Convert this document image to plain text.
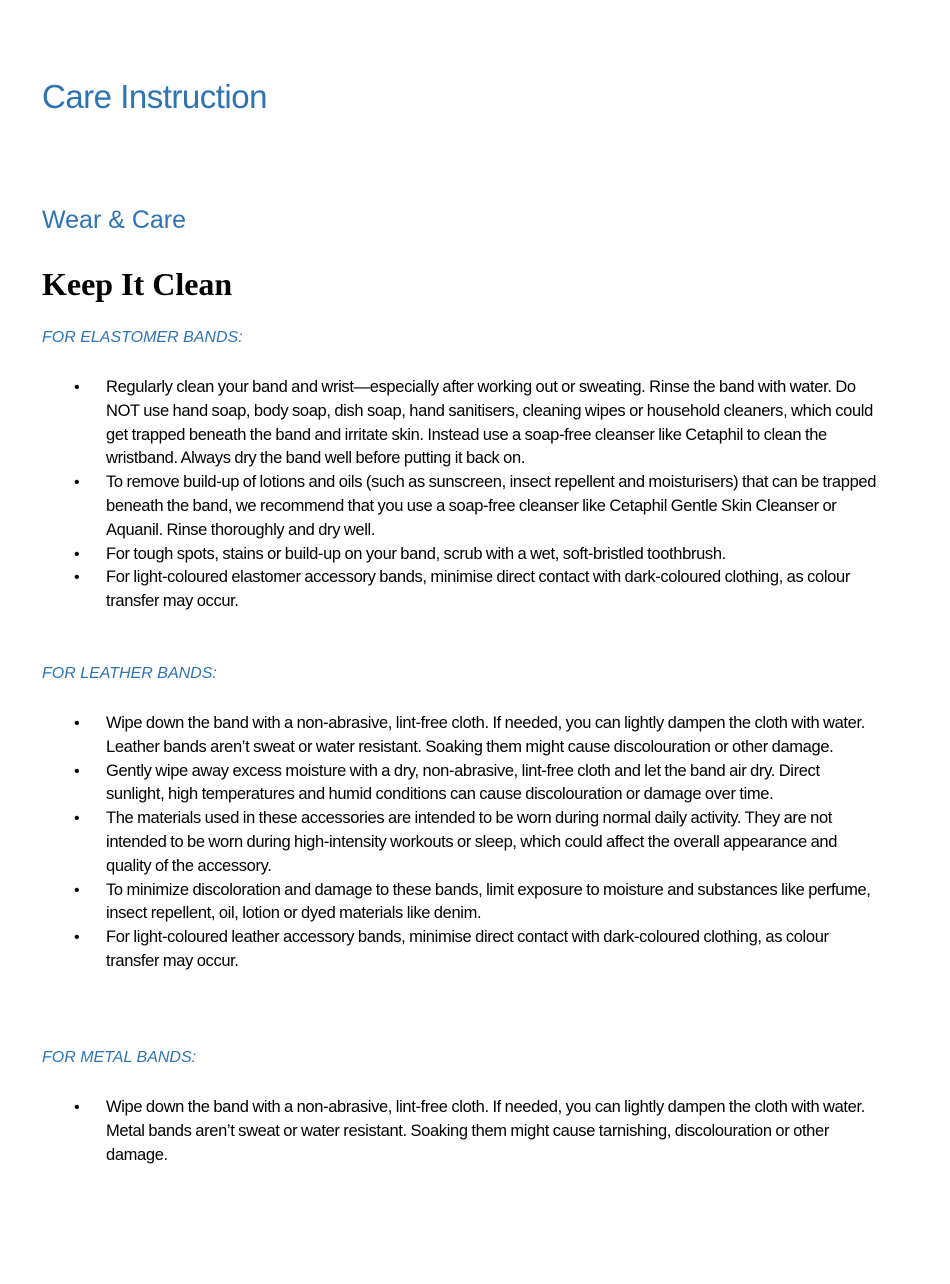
Care Instruction
Wear & Care
Keep It Clean

FOR ELASTOMER BANDS:

•	Regularly clean your band and wrist—especially after working out or sweating. Rinse the band with water. Do NOT use hand soap, body soap, dish soap, hand sanitisers, cleaning wipes or household cleaners, which could get trapped beneath the band and irritate skin. Instead use a soap-free cleanser like Cetaphil to clean the wristband. Always dry the band well before putting it back on.
•	To remove build-up of lotions and oils (such as sunscreen, insect repellent and moisturisers) that can be trapped beneath the band, we recommend that you use a soap-free cleanser like Cetaphil Gentle Skin Cleanser or Aquanil. Rinse thoroughly and dry well.
•	For tough spots, stains or build-up on your band, scrub with a wet, soft-bristled toothbrush.
•	For light-coloured elastomer accessory bands, minimise direct contact with dark-coloured clothing, as colour transfer may occur.

FOR LEATHER BANDS:

•	Wipe down the band with a non-abrasive, lint-free cloth. If needed, you can lightly dampen the cloth with water. Leather bands aren’t sweat or water resistant. Soaking them might cause discolouration or other damage.
•	Gently wipe away excess moisture with a dry, non-abrasive, lint-free cloth and let the band air dry. Direct sunlight, high temperatures and humid conditions can cause discolouration or damage over time.
•	The materials used in these accessories are intended to be worn during normal daily activity. They are not intended to be worn during high-intensity workouts or sleep, which could affect the overall appearance and quality of the accessory.
•	To minimize discoloration and damage to these bands, limit exposure to moisture and substances like perfume, insect repellent, oil, lotion or dyed materials like denim.
•	For light-coloured leather accessory bands, minimise direct contact with dark-coloured clothing, as colour transfer may occur.

FOR METAL BANDS:

•	Wipe down the band with a non-abrasive, lint-free cloth. If needed, you can lightly dampen the cloth with water. Metal bands aren’t sweat or water resistant. Soaking them might cause tarnishing, discolouration or other damage.
